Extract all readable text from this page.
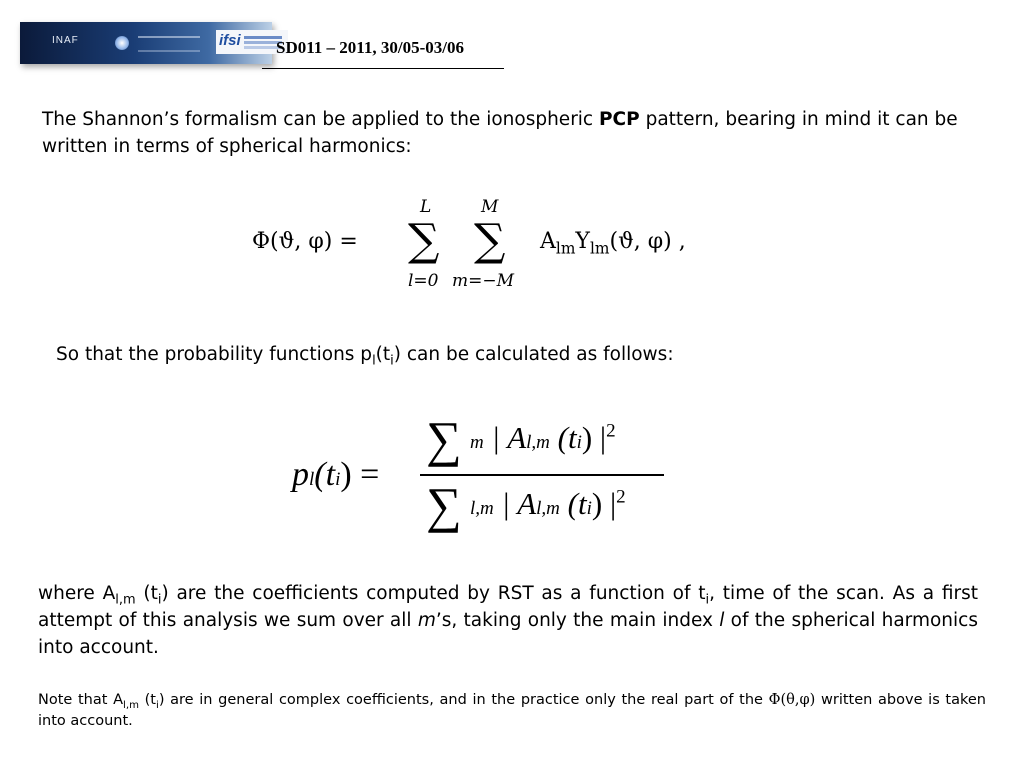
INAF	ifsi SD011 – 2011, 30/05-03/06
The Shannon’s formalism can be applied to the ionospheric PCP pattern, bearing in mind it can be written in terms of spherical harmonics:
Φ(ϑ, φ) =
L
∑
l=0
M
∑
m=−M
$A_{lm}Y_{lm}(ϑ$, φ) ,
So that the probability functions $p_l(t_i)$ can be calculated as follows:
pl(ti) =
∑ m | Al,m (ti) $|^2$
∑ l,m | Al,m (ti) $|^2$
where $A_{l,m}$ $(t_i)$ are the coefficients computed by RST as a function of $t_i$, time of the scan. As a first attempt of this analysis we sum over all m’s, taking only the main index l of the spherical harmonics into account.
Note that $A_{l,m}$ $(t_i)$ are in general complex coefficients, and in the practice only the real part of the Φ(θ,φ) written above is taken into account.
